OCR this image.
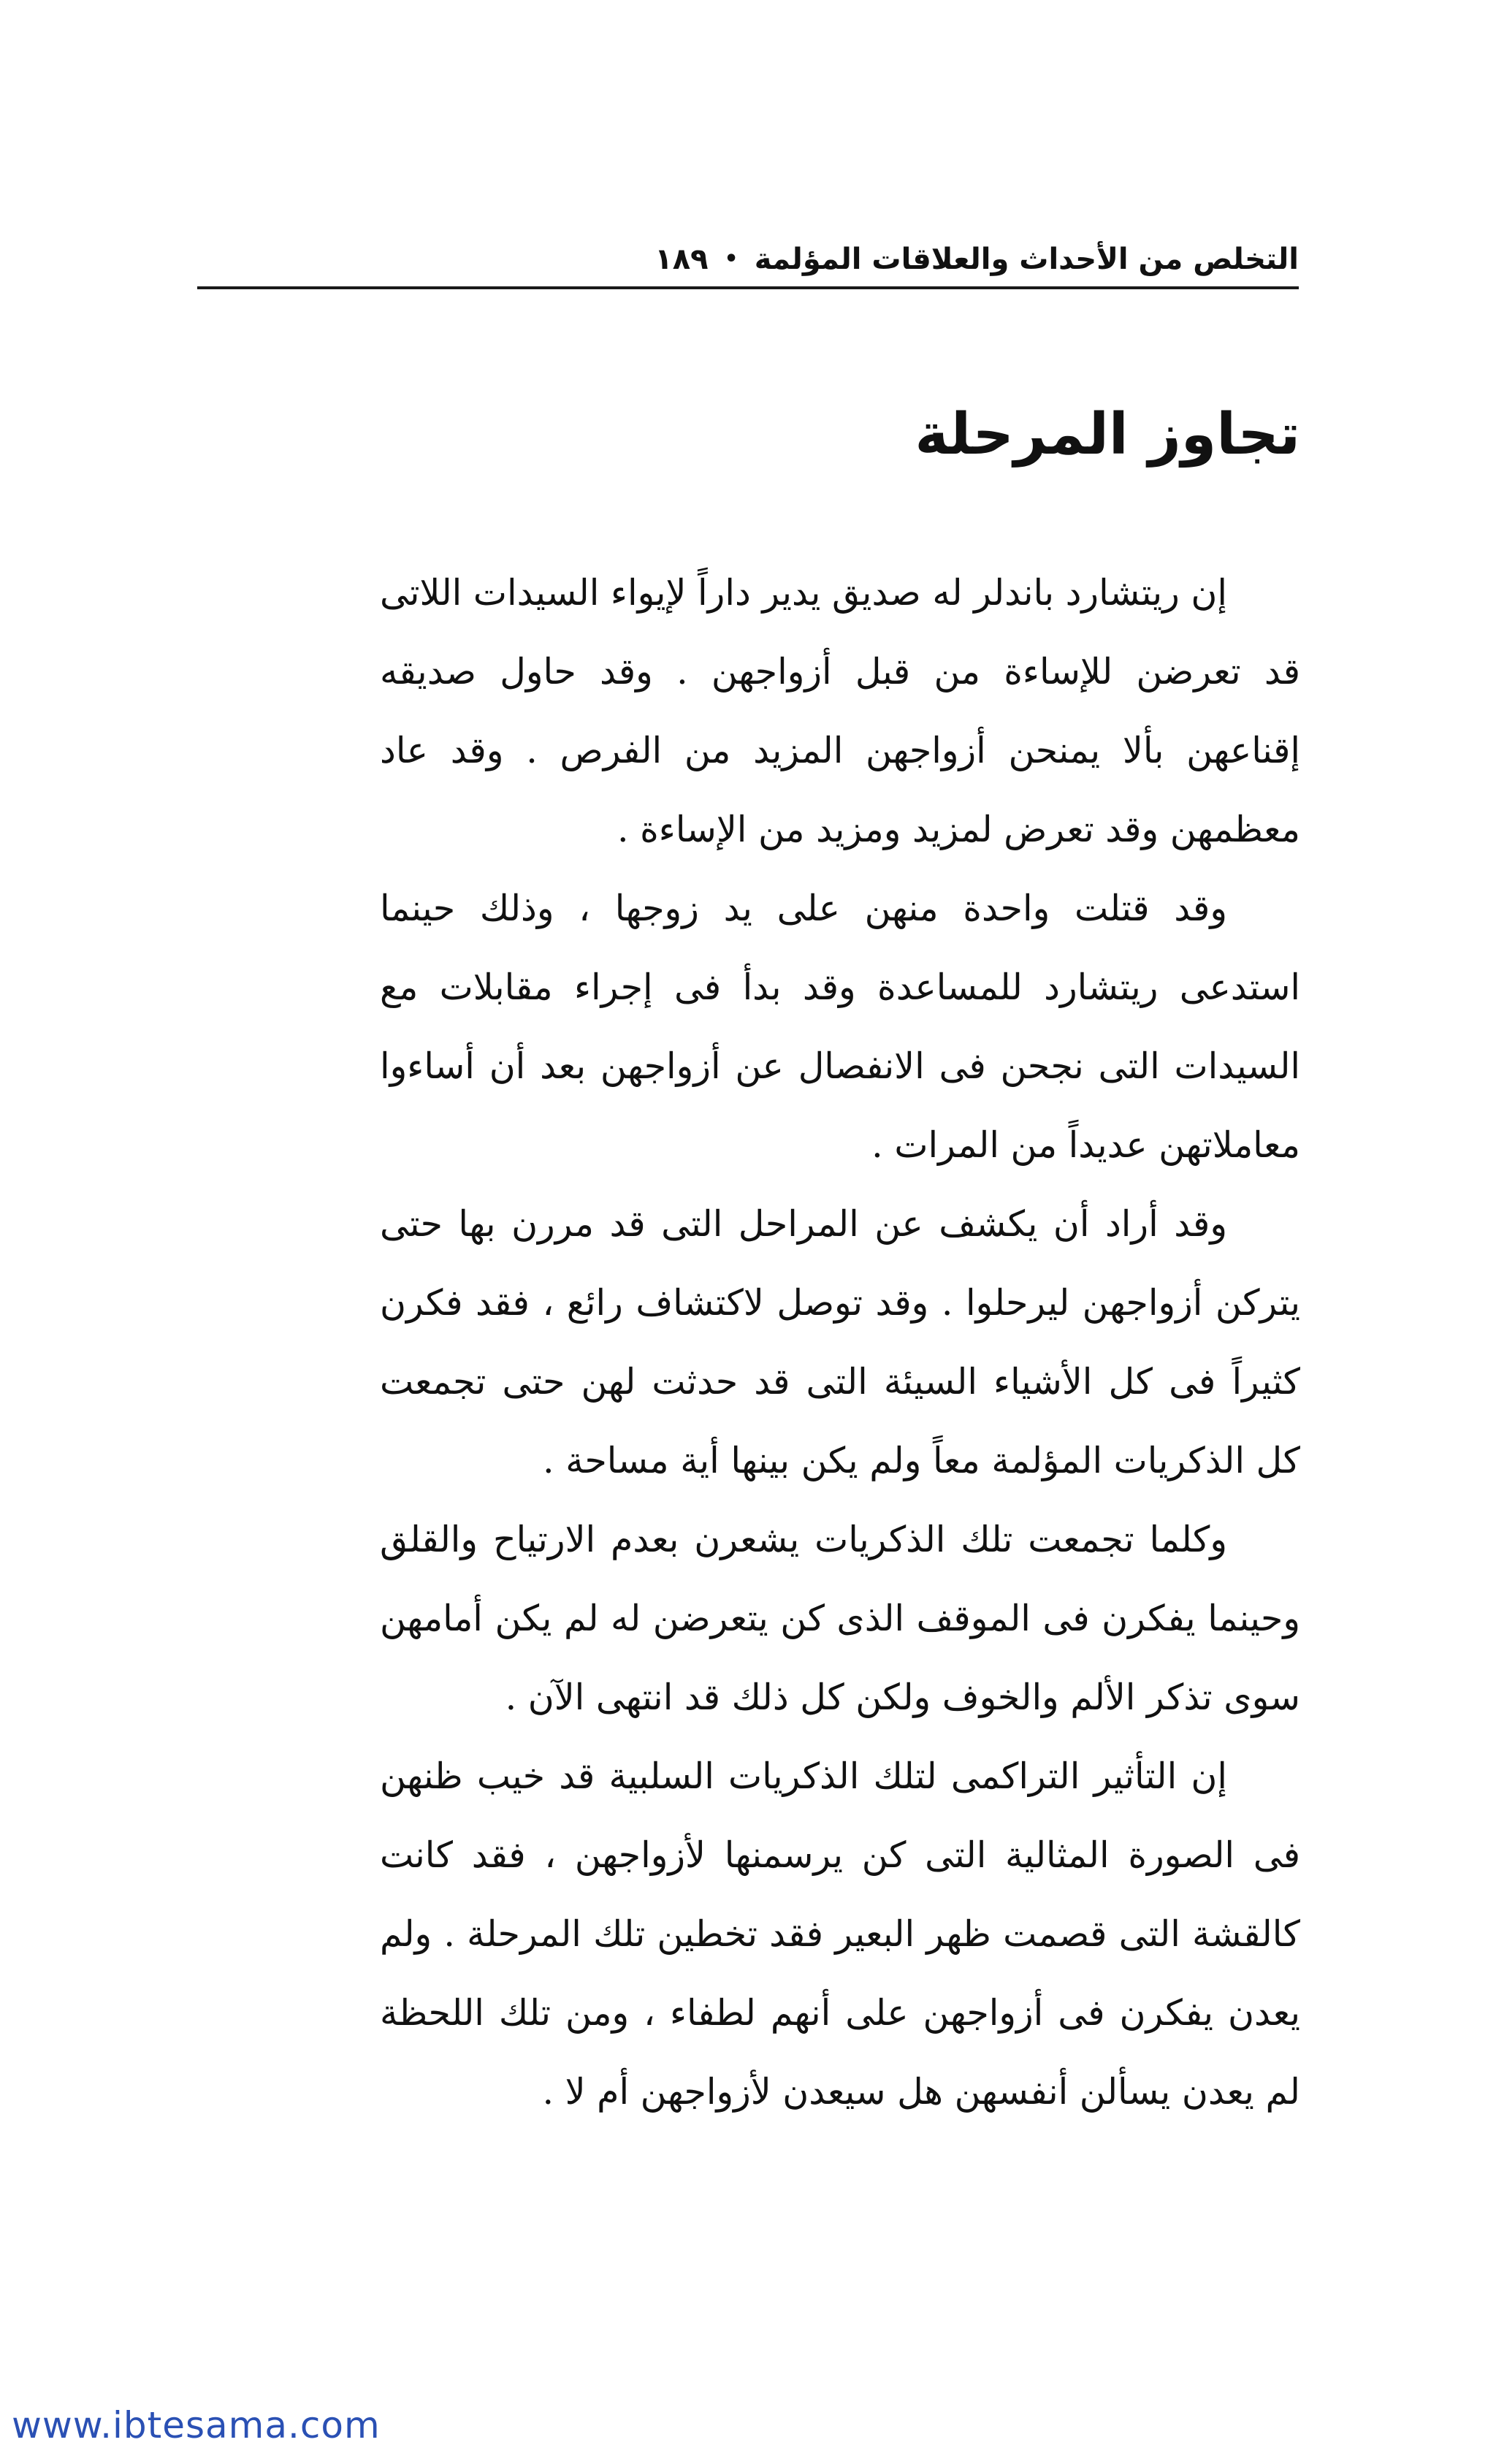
التخلص من الأحداث والعلاقات المؤلمة
•
١٨٩
تجاوز المرحلة

إن ريتشارد باندلر له صديق يدير داراً لإيواء السيدات اللاتى قد تعرضن للإساءة من قبل أزواجهن . وقد حاول صديقه إقناعهن بألا يمنحن أزواجهن المزيد من الفرص . وقد عاد معظمهن وقد تعرض لمزيد ومزيد من الإساءة .

وقد قتلت واحدة منهن على يد زوجها ، وذلك حينما استدعى ريتشارد للمساعدة وقد بدأ فى إجراء مقابلات مع السيدات التى نجحن فى الانفصال عن أزواجهن بعد أن أساءوا معاملاتهن عديداً من المرات .

وقد أراد أن يكشف عن المراحل التى قد مررن بها حتى يتركن أزواجهن ليرحلوا . وقد توصل لاكتشاف رائع ، فقد فكرن كثيراً فى كل الأشياء السيئة التى قد حدثت لهن حتى تجمعت كل الذكريات المؤلمة معاً ولم يكن بينها أية مساحة .

وكلما تجمعت تلك الذكريات يشعرن بعدم الارتياح والقلق وحينما يفكرن فى الموقف الذى كن يتعرضن له لم يكن أمامهن سوى تذكر الألم والخوف ولكن كل ذلك قد انتهى الآن .

إن التأثير التراكمى لتلك الذكريات السلبية قد خيب ظنهن فى الصورة المثالية التى كن يرسمنها لأزواجهن ، فقد كانت كالقشة التى قصمت ظهر البعير فقد تخطين تلك المرحلة . ولم يعدن يفكرن فى أزواجهن على أنهم لطفاء ، ومن تلك اللحظة لم يعدن يسألن أنفسهن هل سيعدن لأزواجهن أم لا .

www.ibtesama.com
